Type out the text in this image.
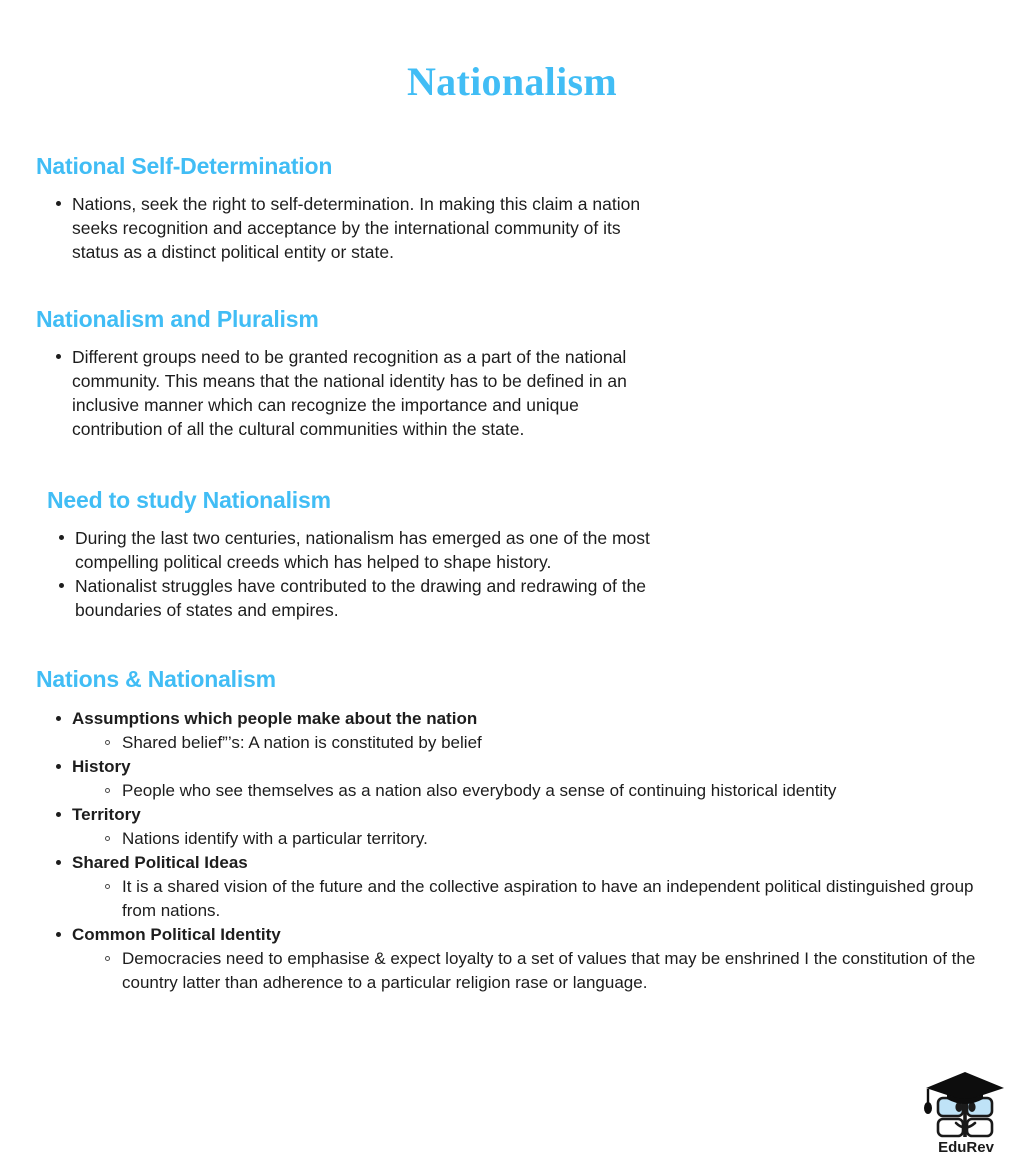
Nationalism
National Self-Determination
Nations, seek the right to self-determination. In making this claim a nation seeks recognition and acceptance by the international community of its status as a distinct political entity or state.
Nationalism and Pluralism
Different groups need to be granted recognition as a part of the national community. This means that the national identity has to be defined in an inclusive manner which can recognize the importance and unique contribution of all the cultural communities within the state.
Need to study Nationalism
During the last two centuries, nationalism has emerged as one of the most compelling political creeds which has helped to shape history.
Nationalist struggles have contributed to the drawing and redrawing of the boundaries of states and empires.
Nations & Nationalism
Assumptions which people make about the nation
Shared belief”’s: A nation is constituted by belief
History
People who see themselves as a nation also everybody a sense of continuing historical identity
Territory
Nations identify with a particular territory.
Shared Political Ideas
It is a shared vision of the future and the collective aspiration to have an independent political distinguished group from nations.
Common Political Identity
Democracies need to emphasise & expect loyalty to a set of values that may be enshrined I the constitution of the country latter than adherence to a particular religion rase or language.
EduRev
